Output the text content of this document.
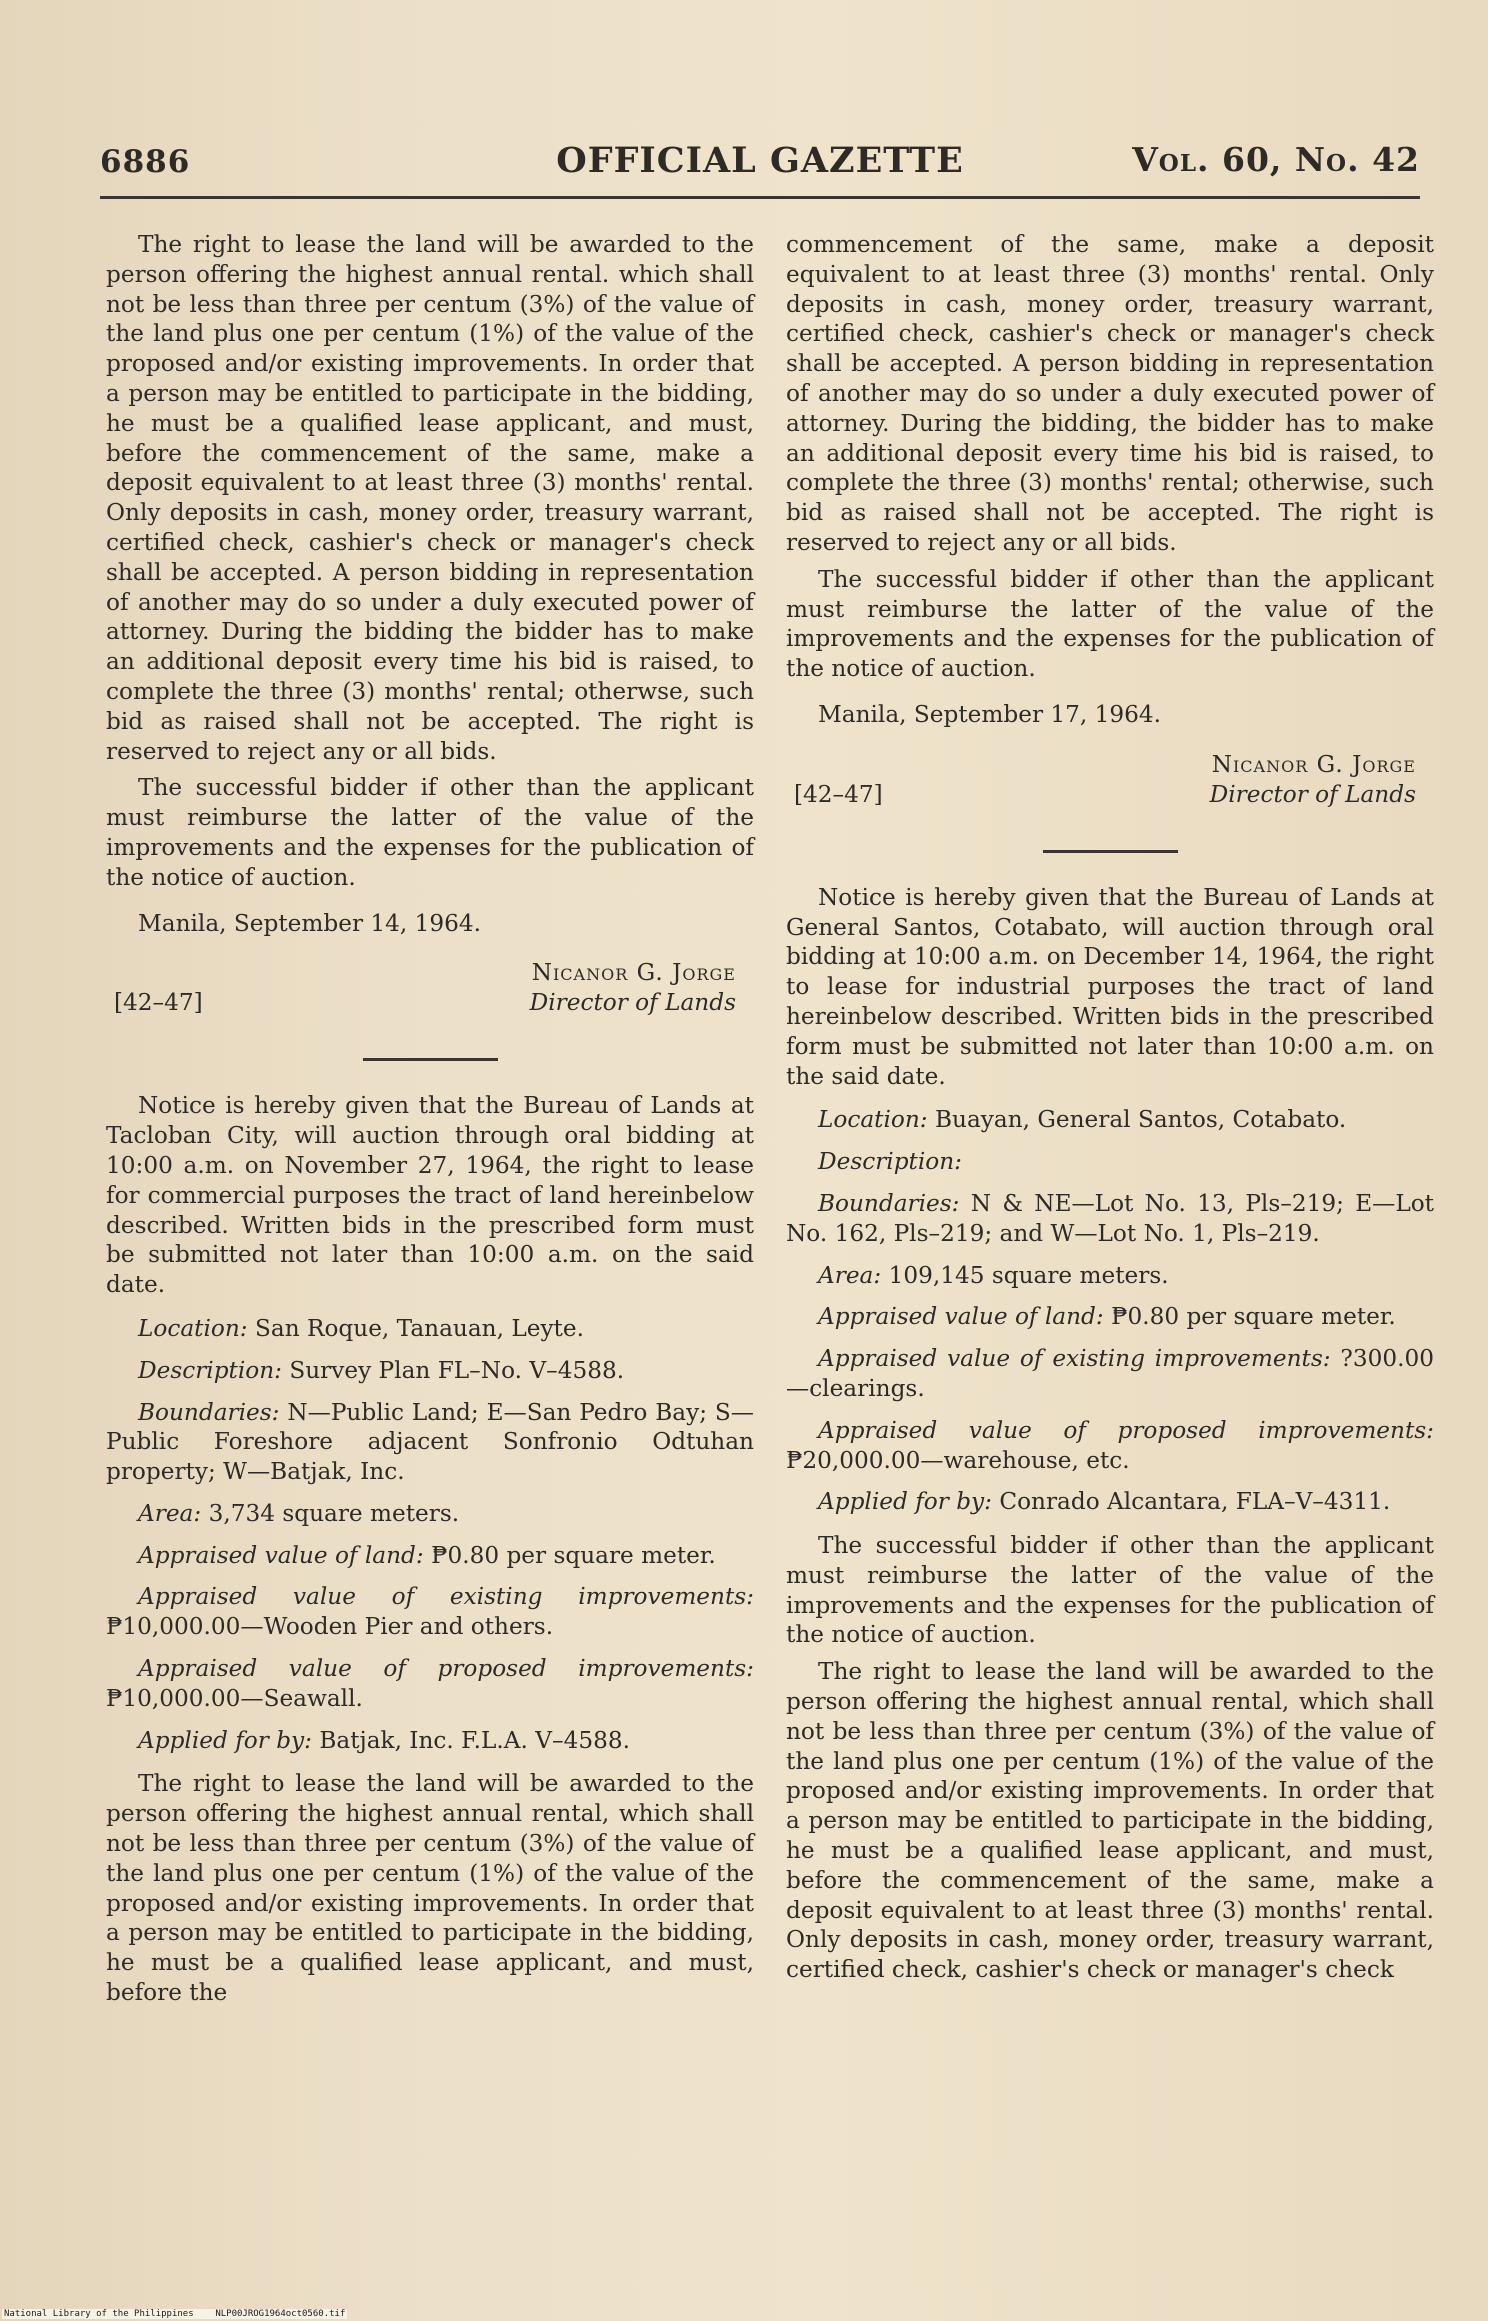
6886	OFFICIAL GAZETTE	Vol. 60, No. 42

The right to lease the land will be awarded to the person offering the highest annual rental. which shall not be less than three per centum (3%) of the value of the land plus one per centum (1%) of the value of the proposed and/or existing improvements. In order that a person may be entitled to participate in the bidding, he must be a qualified lease applicant, and must, before the commencement of the same, make a deposit equivalent to at least three (3) months' rental. Only deposits in cash, money order, treasury warrant, certified check, cashier's check or manager's check shall be accepted. A person bidding in representation of another may do so under a duly executed power of attorney. During the bidding the bidder has to make an additional deposit every time his bid is raised, to complete the three (3) months' rental; otherwse, such bid as raised shall not be accepted. The right is reserved to reject any or all bids.

The successful bidder if other than the applicant must reimburse the latter of the value of the improvements and the expenses for the publication of the notice of auction.

Manila, September 14, 1964.

[42–47]
Nicanor G. Jorge
Director of Lands

Notice is hereby given that the Bureau of Lands at Tacloban City, will auction through oral bidding at 10:00 a.m. on November 27, 1964, the right to lease for commercial purposes the tract of land hereinbelow described. Written bids in the prescribed form must be submitted not later than 10:00 a.m. on the said date.

Location: San Roque, Tanauan, Leyte.

Description: Survey Plan FL–No. V–4588.

Boundaries: N—Public Land; E—San Pedro Bay; S—Public Foreshore adjacent Sonfronio Odtuhan property; W—Batjak, Inc.

Area: 3,734 square meters.

Appraised value of land: ₱0.80 per square meter.

Appraised value of existing improvements: ₱10,000.00—Wooden Pier and others.

Appraised value of proposed improvements: ₱10,000.00—Seawall.

Applied for by: Batjak, Inc. F.L.A. V–4588.

The right to lease the land will be awarded to the person offering the highest annual rental, which shall not be less than three per centum (3%) of the value of the land plus one per centum (1%) of the value of the proposed and/or existing improvements. In order that a person may be entitled to participate in the bidding, he must be a qualified lease applicant, and must, before the

commencement of the same, make a deposit equivalent to at least three (3) months' rental. Only deposits in cash, money order, treasury warrant, certified check, cashier's check or manager's check shall be accepted. A person bidding in representation of another may do so under a duly executed power of attorney. During the bidding, the bidder has to make an additional deposit every time his bid is raised, to complete the three (3) months' rental; otherwise, such bid as raised shall not be accepted. The right is reserved to reject any or all bids.

The successful bidder if other than the applicant must reimburse the latter of the value of the improvements and the expenses for the publication of the notice of auction.

Manila, September 17, 1964.

[42–47]
Nicanor G. Jorge
Director of Lands

Notice is hereby given that the Bureau of Lands at General Santos, Cotabato, will auction through oral bidding at 10:00 a.m. on December 14, 1964, the right to lease for industrial purposes the tract of land hereinbelow described. Written bids in the prescribed form must be submitted not later than 10:00 a.m. on the said date.

Location: Buayan, General Santos, Cotabato.

Description:

Boundaries: N & NE—Lot No. 13, Pls–219; E—Lot No. 162, Pls–219; and W—Lot No. 1, Pls–219.

Area: 109,145 square meters.

Appraised value of land: ₱0.80 per square meter.

Appraised value of existing improvements: ?300.00—clearings.

Appraised value of proposed improvements: ₱20,000.00—warehouse, etc.

Applied for by: Conrado Alcantara, FLA–V–4311.

The successful bidder if other than the applicant must reimburse the latter of the value of the improvements and the expenses for the publication of the notice of auction.

The right to lease the land will be awarded to the person offering the highest annual rental, which shall not be less than three per centum (3%) of the value of the land plus one per centum (1%) of the value of the proposed and/or existing improvements. In order that a person may be entitled to participate in the bidding, he must be a qualified lease applicant, and must, before the commencement of the same, make a deposit equivalent to at least three (3) months' rental. Only deposits in cash, money order, treasury warrant, certified check, cashier's check or manager's check

National Library of the Philippines    NLP00JROG1964oct0560.tif
